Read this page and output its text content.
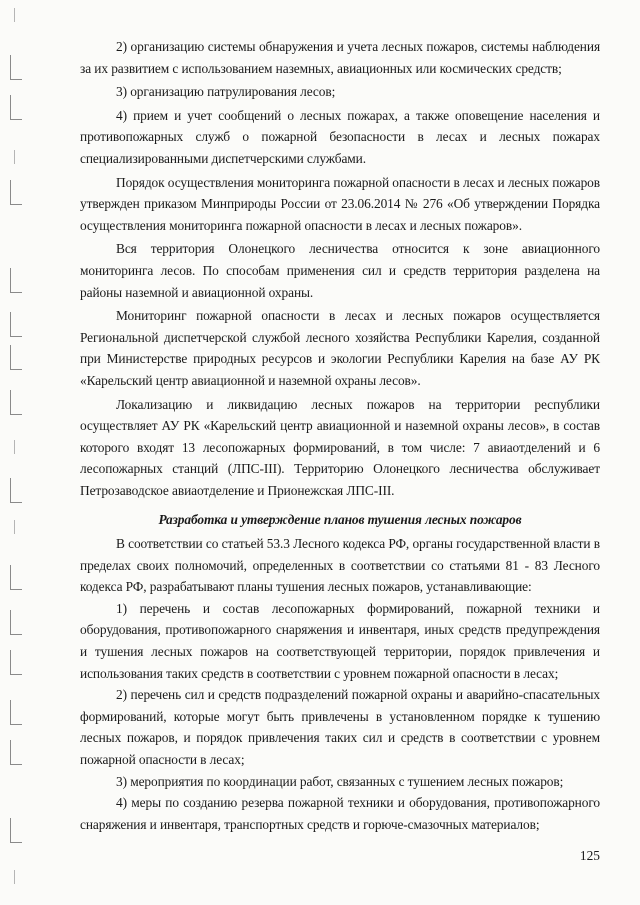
2) организацию системы обнаружения и учета лесных пожаров, системы наблюдения за их развитием с использованием наземных, авиационных или космических средств;

3) организацию патрулирования лесов;

4) прием и учет сообщений о лесных пожарах, а также оповещение населения и противопожарных служб о пожарной безопасности в лесах и лесных пожарах специализированными диспетчерскими службами.

Порядок осуществления мониторинга пожарной опасности в лесах и лесных пожаров утвержден приказом Минприроды России от 23.06.2014 № 276 «Об утверждении Порядка осуществления мониторинга пожарной опасности в лесах и лесных пожаров».

Вся территория Олонецкого лесничества относится к зоне авиационного мониторинга лесов. По способам применения сил и средств территория разделена на районы наземной и авиационной охраны.

Мониторинг пожарной опасности в лесах и лесных пожаров осуществляется Региональной диспетчерской службой лесного хозяйства Республики Карелия, созданной при Министерстве природных ресурсов и экологии Республики Карелия на базе АУ РК «Карельский центр авиационной и наземной охраны лесов».

Локализацию и ликвидацию лесных пожаров на территории республики осуществляет АУ РК «Карельский центр авиационной и наземной охраны лесов», в состав которого входят 13 лесопожарных формирований, в том числе: 7 авиаотделений и 6 лесопожарных станций (ЛПС-III). Территорию Олонецкого лесничества обслуживает Петрозаводское авиаотделение и Прионежская ЛПС-III.

Разработка и утверждение планов тушения лесных пожаров

В соответствии со статьей 53.3 Лесного кодекса РФ, органы государственной власти в пределах своих полномочий, определенных в соответствии со статьями 81 - 83 Лесного кодекса РФ, разрабатывают планы тушения лесных пожаров, устанавливающие:

1) перечень и состав лесопожарных формирований, пожарной техники и оборудования, противопожарного снаряжения и инвентаря, иных средств предупреждения и тушения лесных пожаров на соответствующей территории, порядок привлечения и использования таких средств в соответствии с уровнем пожарной опасности в лесах;

2) перечень сил и средств подразделений пожарной охраны и аварийно-спасательных формирований, которые могут быть привлечены в установленном порядке к тушению лесных пожаров, и порядок привлечения таких сил и средств в соответствии с уровнем пожарной опасности в лесах;

3) мероприятия по координации работ, связанных с тушением лесных пожаров;

4) меры по созданию резерва пожарной техники и оборудования, противопожарного снаряжения и инвентаря, транспортных средств и горюче-смазочных материалов;

125
